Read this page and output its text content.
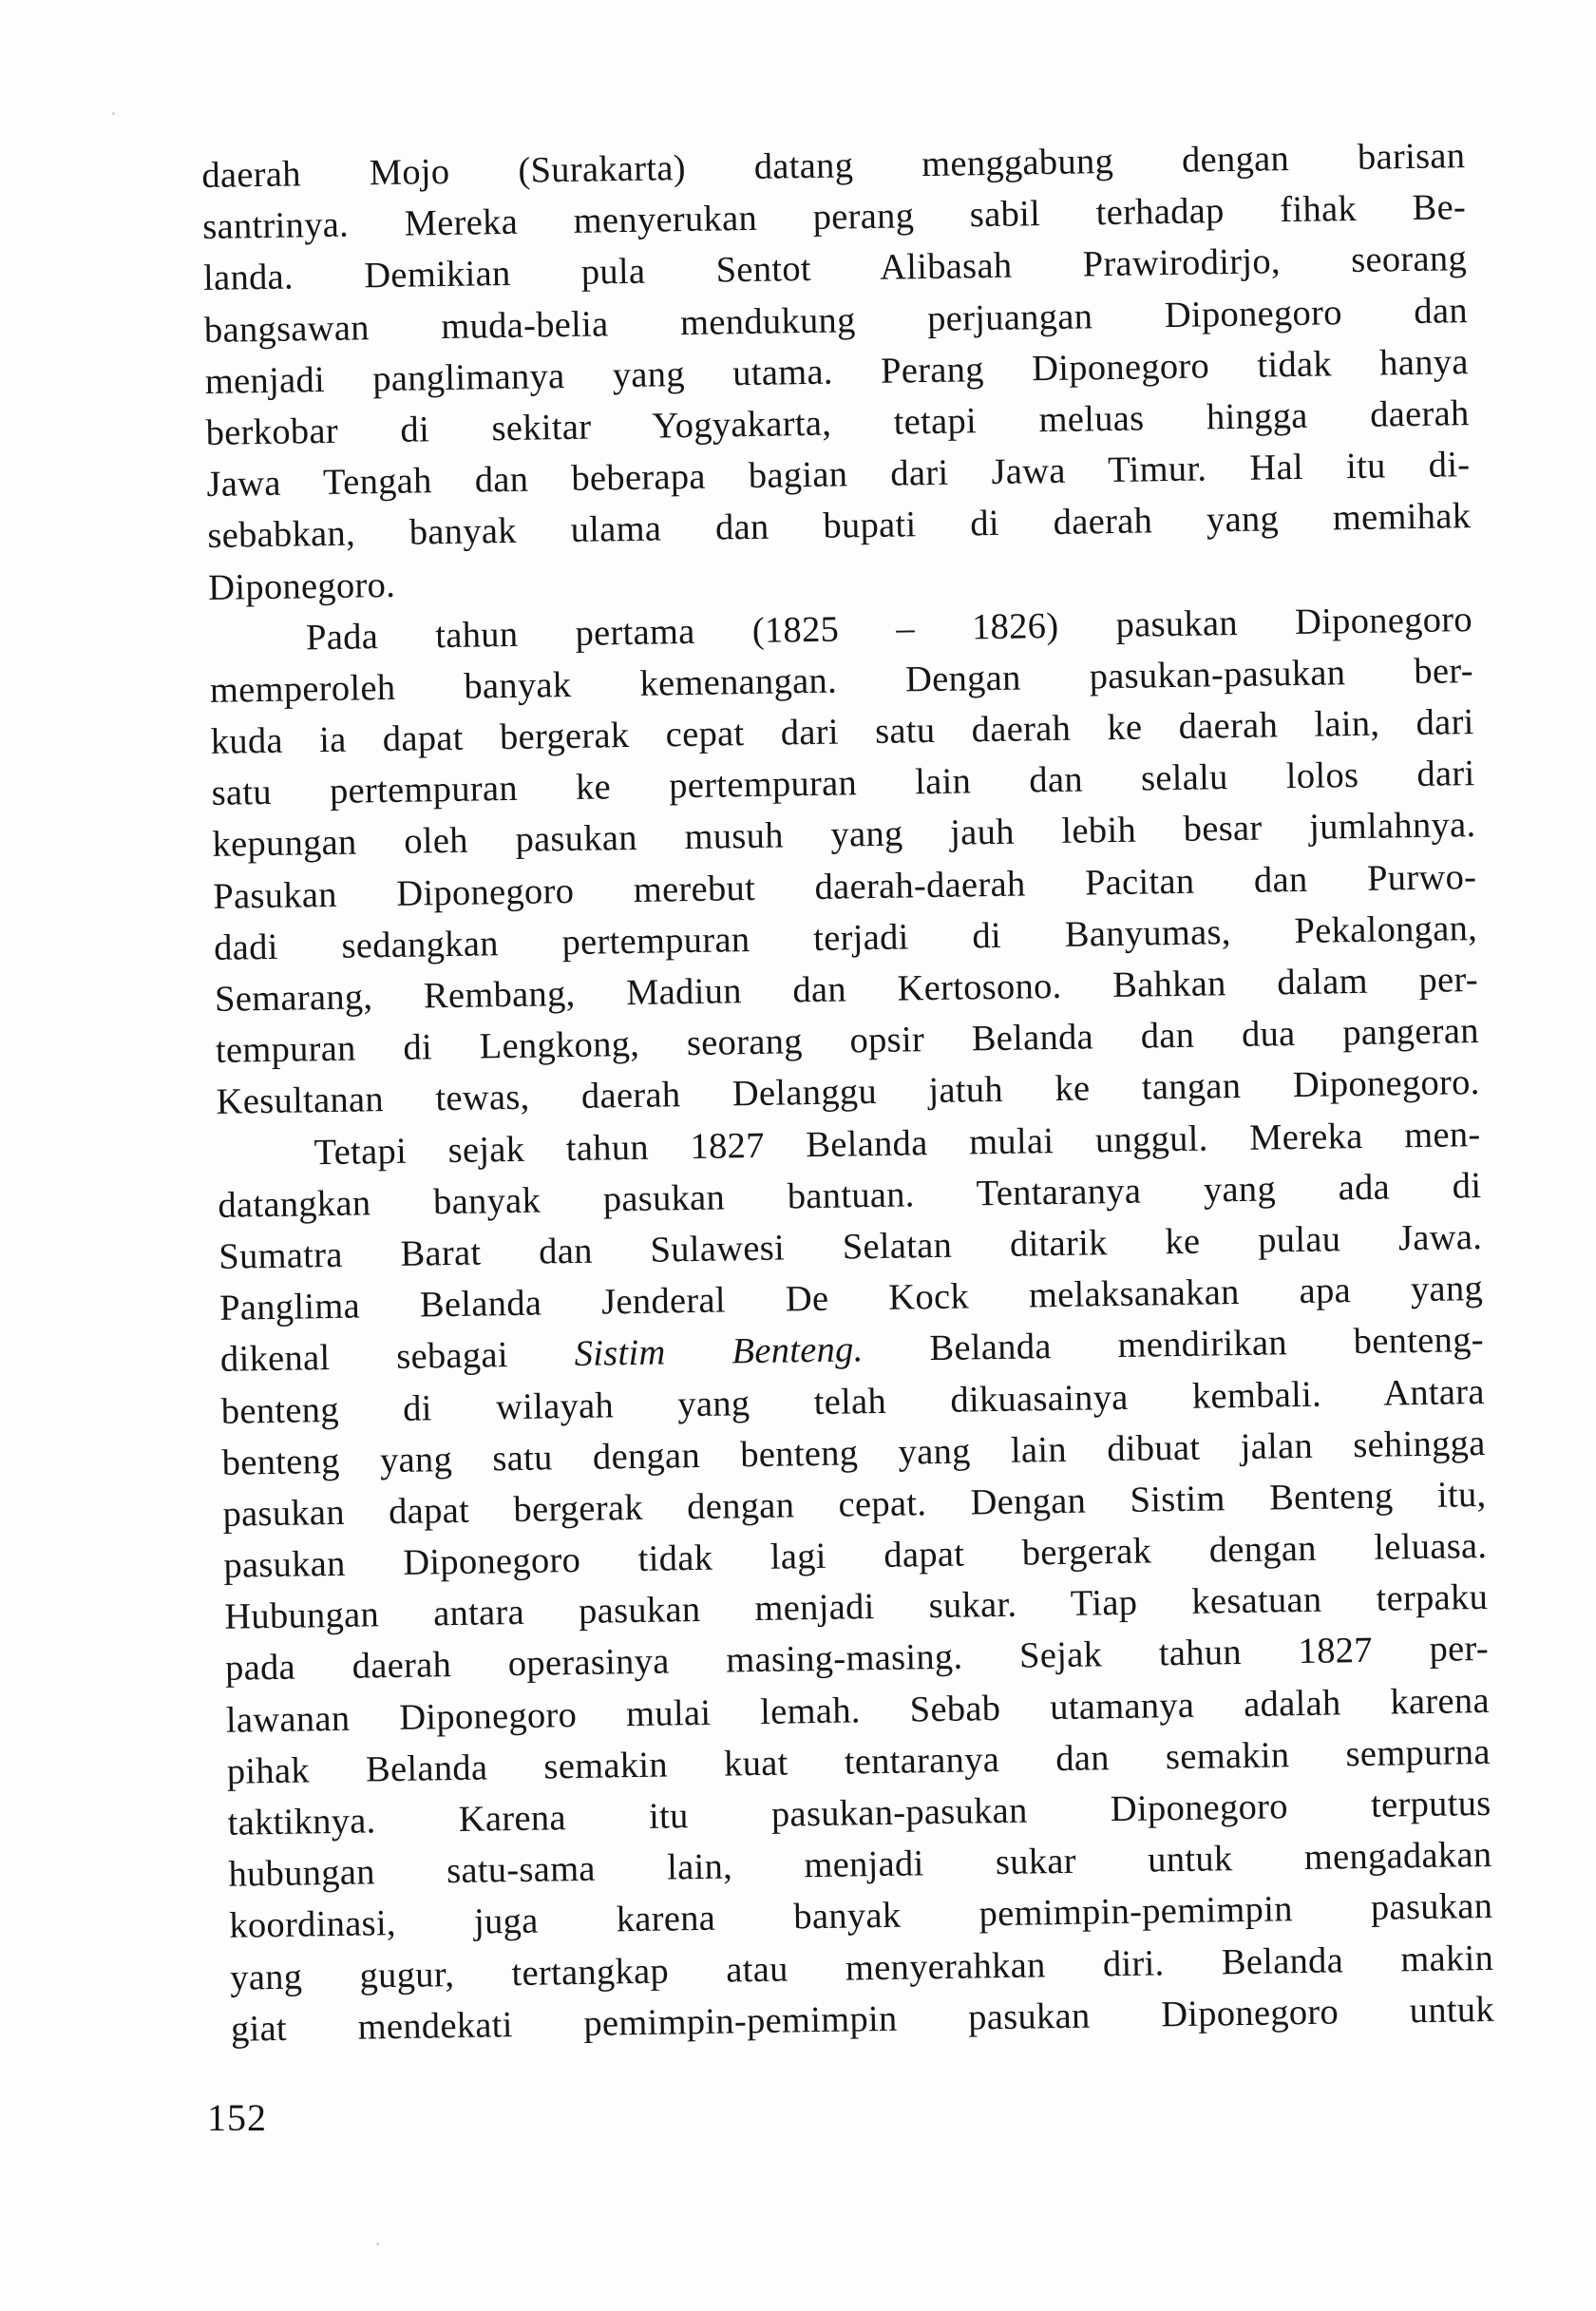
daerah Mojo (Surakarta) datang menggabung dengan barisan
santrinya. Mereka menyerukan perang sabil terhadap fihak Be-
landa. Demikian pula Sentot Alibasah Prawirodirjo, seorang
bangsawan muda-belia mendukung perjuangan Diponegoro dan
menjadi panglimanya yang utama. Perang Diponegoro tidak hanya
berkobar di sekitar Yogyakarta, tetapi meluas hingga daerah
Jawa Tengah dan beberapa bagian dari Jawa Timur. Hal itu di-
sebabkan, banyak ulama dan bupati di daerah yang memihak
Diponegoro.
Pada tahun pertama (1825 – 1826) pasukan Diponegoro
memperoleh banyak kemenangan. Dengan pasukan-pasukan ber-
kuda ia dapat bergerak cepat dari satu daerah ke daerah lain, dari
satu pertempuran ke pertempuran lain dan selalu lolos dari
kepungan oleh pasukan musuh yang jauh lebih besar jumlahnya.
Pasukan Diponegoro merebut daerah-daerah Pacitan dan Purwo-
dadi sedangkan pertempuran terjadi di Banyumas, Pekalongan,
Semarang, Rembang, Madiun dan Kertosono. Bahkan dalam per-
tempuran di Lengkong, seorang opsir Belanda dan dua pangeran
Kesultanan tewas, daerah Delanggu jatuh ke tangan Diponegoro.
Tetapi sejak tahun 1827 Belanda mulai unggul. Mereka men-
datangkan banyak pasukan bantuan. Tentaranya yang ada di
Sumatra Barat dan Sulawesi Selatan ditarik ke pulau Jawa.
Panglima Belanda Jenderal De Kock melaksanakan apa yang
dikenal sebagai Sistim Benteng. Belanda mendirikan benteng-
benteng di wilayah yang telah dikuasainya kembali. Antara
benteng yang satu dengan benteng yang lain dibuat jalan sehingga
pasukan dapat bergerak dengan cepat. Dengan Sistim Benteng itu,
pasukan Diponegoro tidak lagi dapat bergerak dengan leluasa.
Hubungan antara pasukan menjadi sukar. Tiap kesatuan terpaku
pada daerah operasinya masing-masing. Sejak tahun 1827 per-
lawanan Diponegoro mulai lemah. Sebab utamanya adalah karena
pihak Belanda semakin kuat tentaranya dan semakin sempurna
taktiknya. Karena itu pasukan-pasukan Diponegoro terputus
hubungan satu-sama lain, menjadi sukar untuk mengadakan
koordinasi, juga karena banyak pemimpin-pemimpin pasukan
yang gugur, tertangkap atau menyerahkan diri. Belanda makin
giat mendekati pemimpin-pemimpin pasukan Diponegoro untuk
152
